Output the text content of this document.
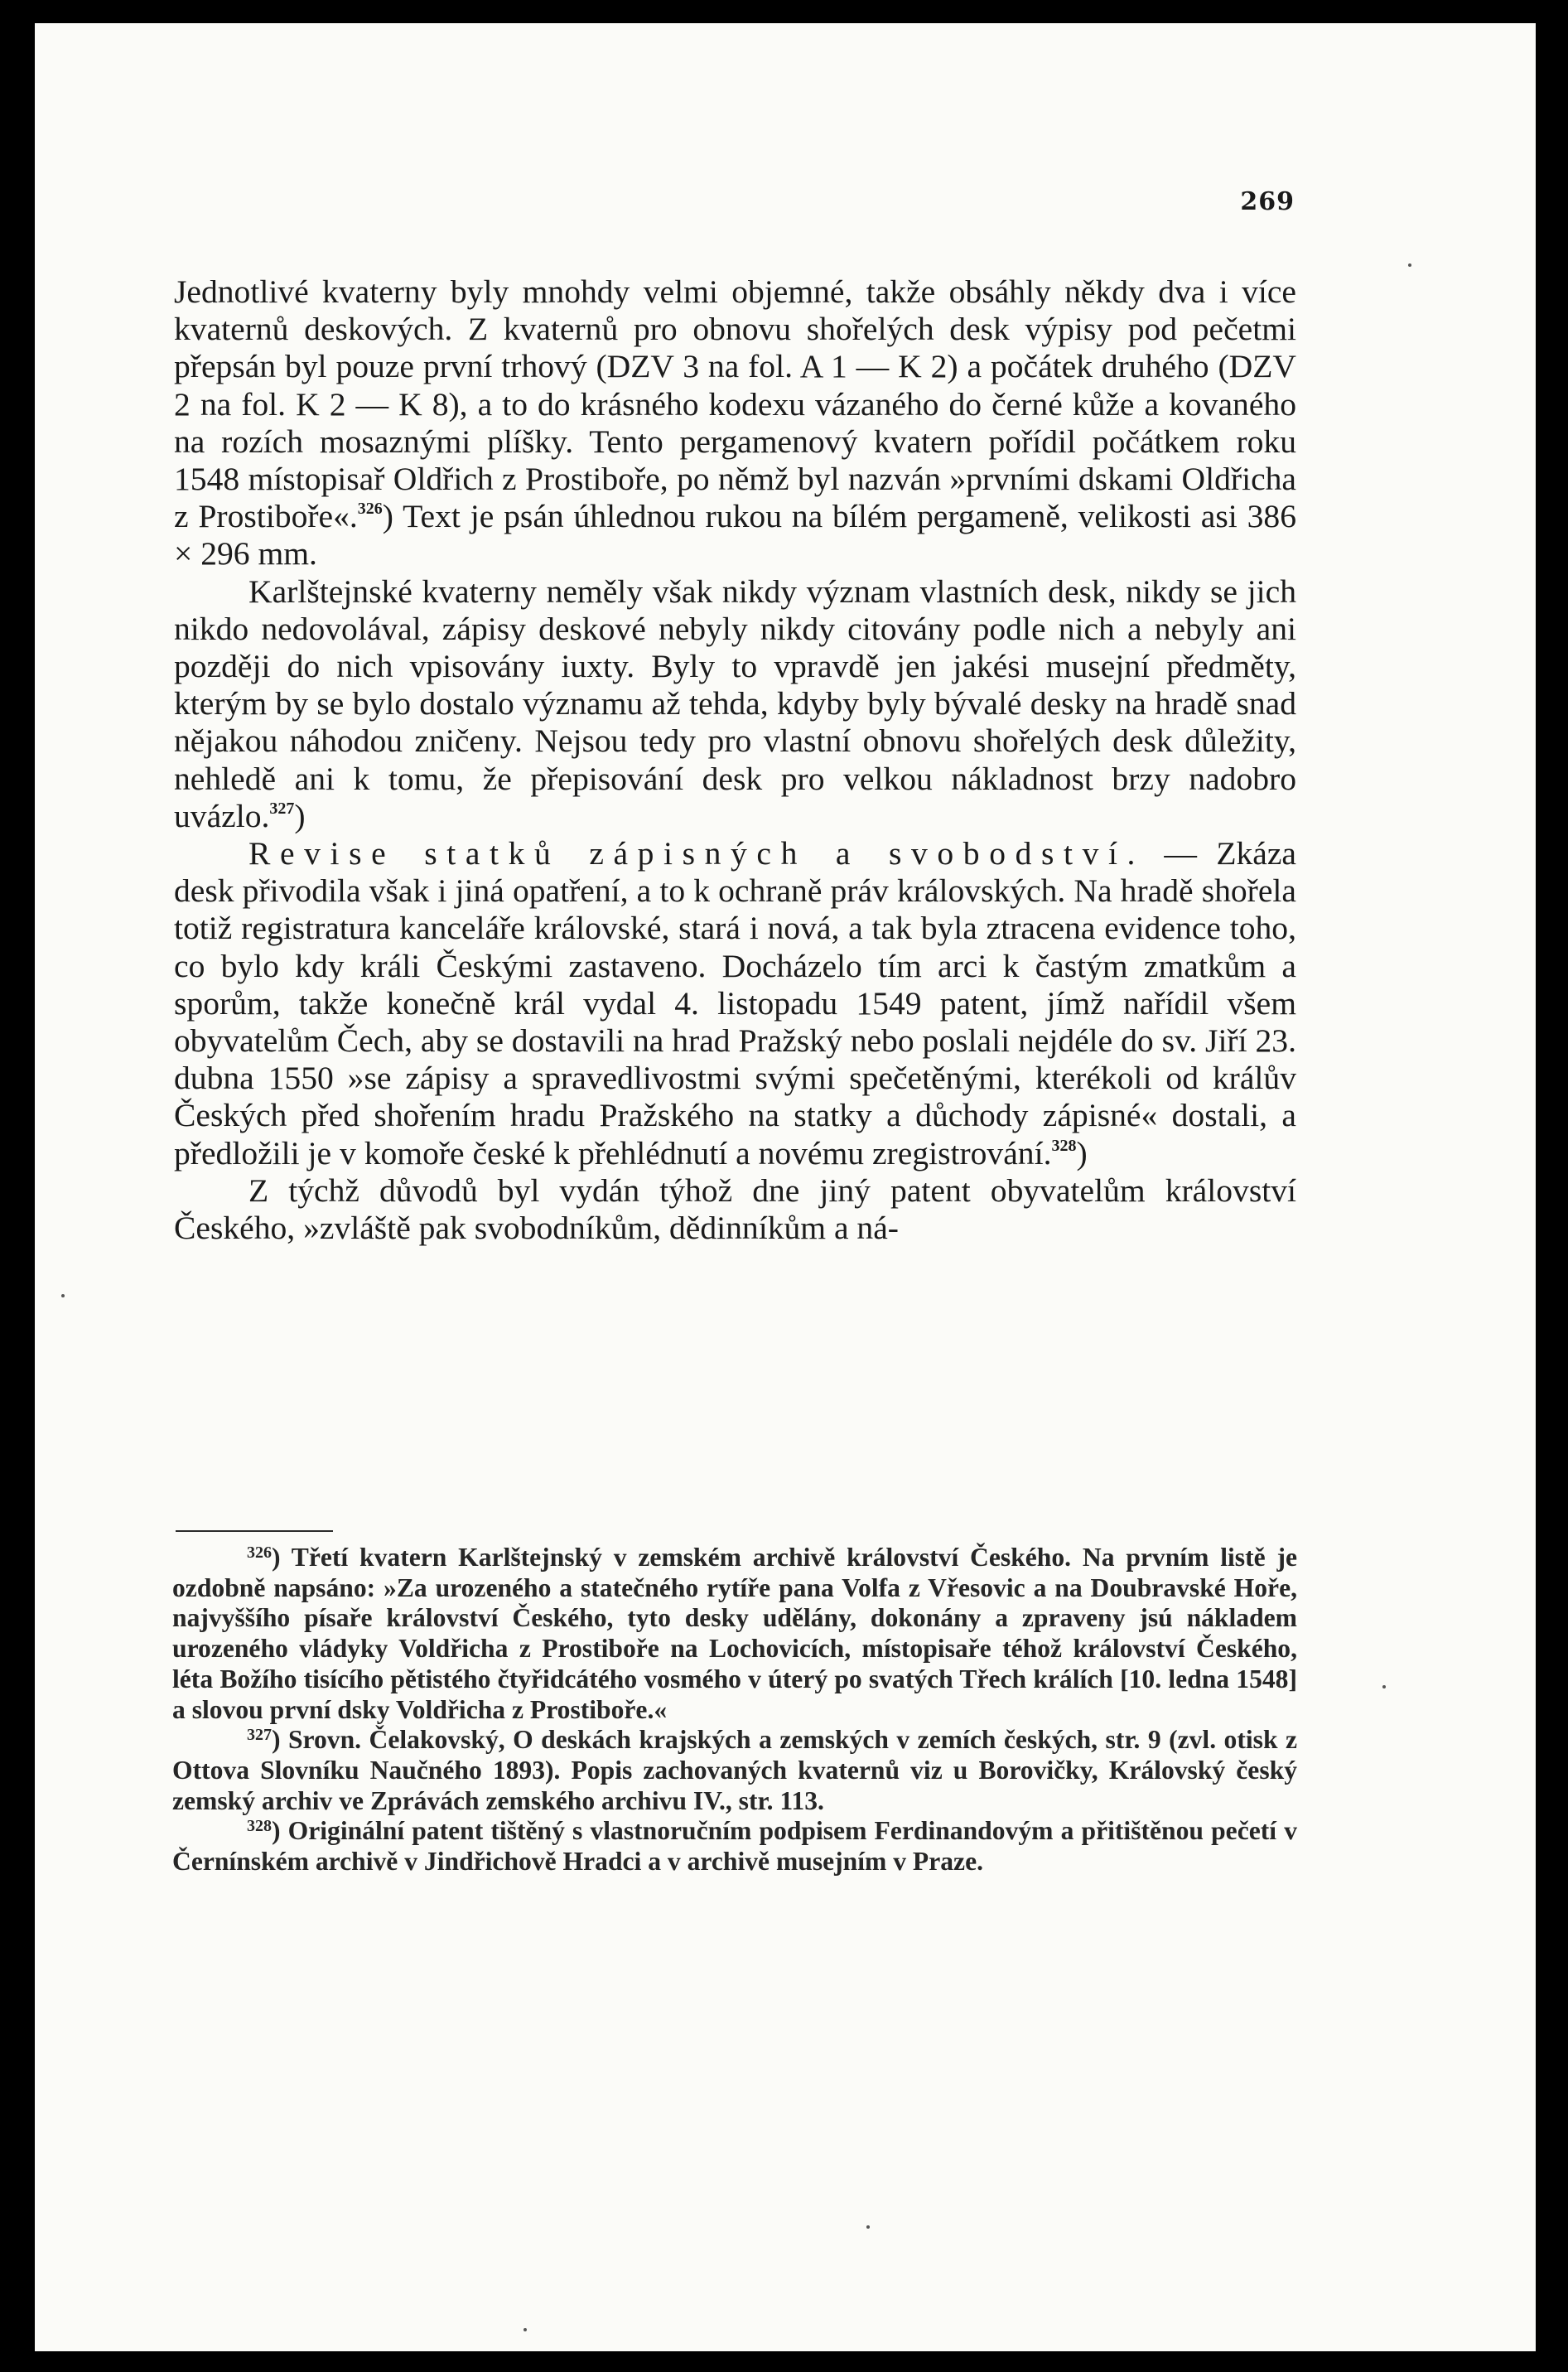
269

Jednotlivé kvaterny byly mnohdy velmi objemné, takže obsáhly někdy dva i více kvaternů deskových. Z kvaternů pro obnovu shořelých desk výpisy pod pečetmi přepsán byl pouze první trhový (DZV 3 na fol. A 1 — K 2) a počátek druhého (DZV 2 na fol. K 2 — K 8), a to do krásného kodexu vázaného do černé kůže a kovaného na rozích mosaznými plíšky. Tento pergamenový kvatern pořídil počátkem roku 1548 místopisař Oldřich z Prostiboře, po němž byl nazván »prvními dskami Oldřicha z Prostiboře«.$^{326}$) Text je psán úhlednou rukou na bílém pergameně, velikosti asi 386 × 296 mm.

Karlštejnské kvaterny neměly však nikdy význam vlastních desk, nikdy se jich nikdo nedovolával, zápisy deskové nebyly nikdy citovány podle nich a nebyly ani později do nich vpisovány iuxty. Byly to vpravdě jen jakési musejní předměty, kterým by se bylo dostalo významu až tehda, kdyby byly bývalé desky na hradě snad nějakou náhodou zničeny. Nejsou tedy pro vlastní obnovu shořelých desk důležity, nehledě ani k tomu, že přepisování desk pro velkou nákladnost brzy nadobro uvázlo.$^{327}$)

Revise statků zápisných a svobodství. — Zkáza desk přivodila však i jiná opatření, a to k ochraně práv královských. Na hradě shořela totiž registratura kanceláře královské, stará i nová, a tak byla ztracena evidence toho, co bylo kdy králi Českými zastaveno. Docházelo tím arci k častým zmatkům a sporům, takže konečně král vydal 4. listopadu 1549 patent, jímž nařídil všem obyvatelům Čech, aby se dostavili na hrad Pražský nebo poslali nejdéle do sv. Jiří 23. dubna 1550 »se zápisy a spravedlivostmi svými spečetěnými, kterékoli od králův Českých před shořením hradu Pražského na statky a důchody zápisné« dostali, a předložili je v komoře české k přehlédnutí a novému zregistrování.$^{328}$)

Z týchž důvodů byl vydán týhož dne jiný patent obyvatelům království Českého, »zvláště pak svobodníkům, dědinníkům a ná-

$^{326}$) Třetí kvatern Karlštejnský v zemském archivě království Českého. Na prvním listě je ozdobně napsáno: »Za urozeného a statečného rytíře pana Volfa z Vřesovic a na Doubravské Hoře, najvyššího písaře království Českého, tyto desky udělány, dokonány a zpraveny jsú nákladem urozeného vládyky Voldřicha z Prostiboře na Lochovicích, místopisaře téhož království Českého, léta Božího tisícího pětistého čtyřidcátého vosmého v úterý po svatých Třech králích [10. ledna 1548] a slovou první dsky Voldřicha z Prostiboře.«

$^{327}$) Srovn. Čelakovský, O deskách krajských a zemských v zemích českých, str. 9 (zvl. otisk z Ottova Slovníku Naučného 1893). Popis zachovaných kvaternů viz u Borovičky, Královský český zemský archiv ve Zprávách zemského archivu IV., str. 113.

$^{328}$) Originální patent tištěný s vlastnoručním podpisem Ferdinandovým a přitištěnou pečetí v Černínském archivě v Jindřichově Hradci a v archivě musejním v Praze.
